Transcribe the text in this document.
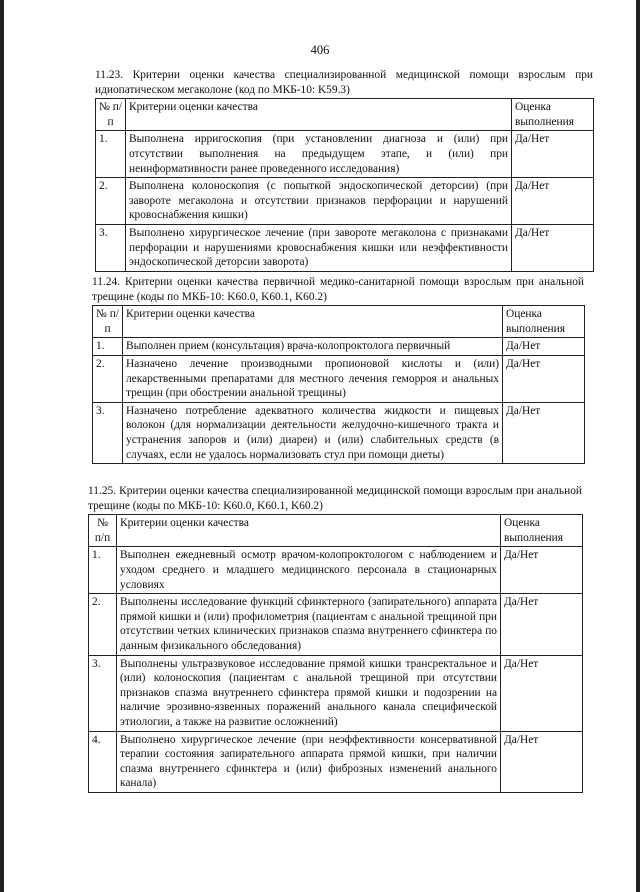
406

11.23. Критерии оценки качества специализированной медицинской помощи взрослым при идиопатическом мегаколоне (код по МКБ-10: K59.3)

№ п/п	Критерии оценки качества	Оценка выполнения
1.	Выполнена ирригоскопия (при установлении диагноза и (или) при отсутствии выполнения на предыдущем этапе, и (или) при неинформативности ранее проведенного исследования)	Да/Нет
2.	Выполнена колоноскопия (с попыткой эндоскопической деторсии) (при завороте мегаколона и отсутствии признаков перфорации и нарушений кровоснабжения кишки)	Да/Нет
3.	Выполнено хирургическое лечение (при завороте мегаколона с признаками перфорации и нарушениями кровоснабжения кишки или неэффективности эндоскопической деторсии заворота)	Да/Нет

11.24. Критерии оценки качества первичной медико-санитарной помощи взрослым при анальной трещине (коды по МКБ-10: K60.0, K60.1, K60.2)

№ п/п	Критерии оценки качества	Оценка выполнения
1.	Выполнен прием (консультация) врача-колопроктолога первичный	Да/Нет
2.	Назначено лечение производными пропионовой кислоты и (или) лекарственными препаратами для местного лечения геморроя и анальных трещин (при обострении анальной трещины)	Да/Нет
3.	Назначено потребление адекватного количества жидкости и пищевых волокон (для нормализации деятельности желудочно-кишечного тракта и устранения запоров и (или) диареи) и (или) слабительных средств (в случаях, если не удалось нормализовать стул при помощи диеты)	Да/Нет

11.25. Критерии оценки качества специализированной медицинской помощи взрослым при анальной трещине (коды по МКБ-10: K60.0, K60.1, K60.2)

№ п/п	Критерии оценки качества	Оценка выполнения
1.	Выполнен ежедневный осмотр врачом-колопроктологом с наблюдением и уходом среднего и младшего медицинского персонала в стационарных условиях	Да/Нет
2.	Выполнены исследование функций сфинктерного (запирательного) аппарата прямой кишки и (или) профилометрия (пациентам с анальной трещиной при отсутствии четких клинических признаков спазма внутреннего сфинктера по данным физикального обследования)	Да/Нет
3.	Выполнены ультразвуковое исследование прямой кишки трансректальное и (или) колоноскопия (пациентам с анальной трещиной при отсутствии признаков спазма внутреннего сфинктера прямой кишки и подозрении на наличие эрозивно-язвенных поражений анального канала специфической этиологии, а также на развитие осложнений)	Да/Нет
4.	Выполнено хирургическое лечение (при неэффективности консервативной терапии состояния запирательного аппарата прямой кишки, при наличии спазма внутреннего сфинктера и (или) фиброзных изменений анального канала)	Да/Нет
